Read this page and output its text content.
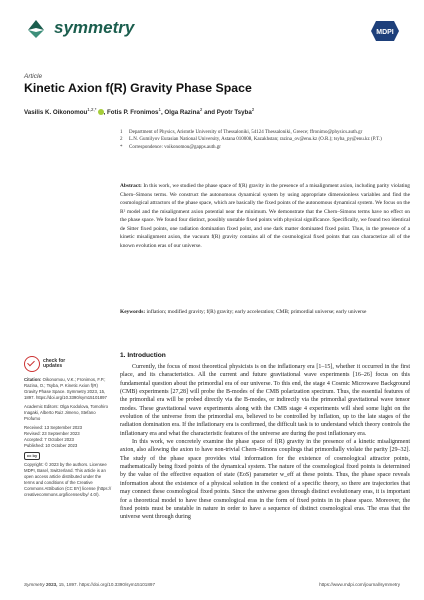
symmetry	MDPI
Article
Kinetic Axion f(R) Gravity Phase Space
Vasilis K. Oikonomou$^{1,2,*}$ , Fotis P. Fronimos$^1$, Olga Razina$^2$ and Pyotr Tsyba$^2$
1 Department of Physics, Aristotle University of Thessaloniki, 54124 Thessaloniki, Greece; ffronimo@physics.auth.gr
2 L.N. Gumilyov Eurasian National University, Astana 010008, Kazakhstan; razina_ov@enu.kz (O.R.); tsyba_py@enu.kz (P.T.)
* Correspondence: voikonomou@gapps.auth.gr
Abstract: In this work, we studied the phase space of f(R) gravity in the presence of a misalignment axion, including parity violating Chern–Simons terms. We construct the autonomous dynamical system by using appropriate dimensionless variables and find the cosmological attractors of the phase space, which are basically the fixed points of the autonomous dynamical system. We focus on the R² model and the misalignment axion potential near the minimum. We demonstrate that the Chern–Simons terms have no effect on the phase space. We found four distinct, possibly unstable fixed points with physical significance. Specifically, we found two identical de Sitter fixed points, one radiation domination fixed point, and one dark matter dominated fixed point. Thus, in the presence of a kinetic misalignment axion, the vacuum f(R) gravity contains all of the cosmological fixed points that can characterize all of the known evolution eras of our universe.
Keywords: inflation; modified gravity; f(R) gravity; early acceleration; CMB; primordial universe; early universe
check for
updates
Citation: Oikonomou, V.K.; Fronimos, F.P.; Razina, O.; Tsyba, P. Kinetic Axion f(R) Gravity Phase Space. Symmetry 2023, 15, 1897. https://doi.org/10.3390/sym15101897
Academic Editors: Olga Kodolova, Tomohiro Inagaki, Alberto Ruiz Jimeno, Stefano Profumo
Received: 13 September 2023
Revised: 23 September 2023
Accepted: 7 October 2023
Published: 10 October 2023
cc by
Copyright: © 2023 by the authors. Licensee MDPI, Basel, Switzerland. This article is an open access article distributed under the terms and conditions of the Creative Commons Attribution (CC BY) license (https:// creativecommons.org/licenses/by/ 4.0/).
1. Introduction

Currently, the focus of most theoretical physicists is on the inflationary era [1–15], whether it occurred in the first place, and its characteristics. All the current and future gravitational wave experiments [16–26] focus on this fundamental question about the primordial era of our universe. To this end, the stage 4 Cosmic Microwave Background (CMB) experiments [27,28] will probe the B-modes of the CMB polarization spectrum. Thus, the essential features of the primordial era will be probed directly via the B-modes, or indirectly via the primordial gravitational wave tensor modes. These gravitational wave experiments along with the CMB stage 4 experiments will shed some light on the evolution of the universe from the primordial era, believed to be controlled by inflation, up to the late stages of the radiation domination era. If the inflationary era is confirmed, the difficult task is to understand which theory controls the inflationary era and what the characteristic features of the universe are during the post inflationary era.

In this work, we concretely examine the phase space of f(R) gravity in the presence of a kinetic misalignment axion, also allowing the axion to have non-trivial Chern–Simons couplings that primordially violate the parity [29–32]. The study of the phase space provides vital information for the existence of cosmological attractor points, mathematically being fixed points of the dynamical system. The nature of the cosmological fixed points is determined by the value of the effective equation of state (EoS) parameter w_eff at these points. Thus, the phase space reveals information about the existence of a physical solution in the context of a specific theory, so there are trajectories that may connect these cosmological fixed points. Since the universe goes through distinct evolutionary eras, it is important for a theoretical model to have these cosmological eras in the form of fixed points in its phase space. Moreover, the fixed points must be unstable in nature in order to have a sequence of distinct cosmological eras. The eras that the universe went through during

Symmetry 2023, 15, 1897. https://doi.org/10.3390/sym15101897	https://www.mdpi.com/journal/symmetry
